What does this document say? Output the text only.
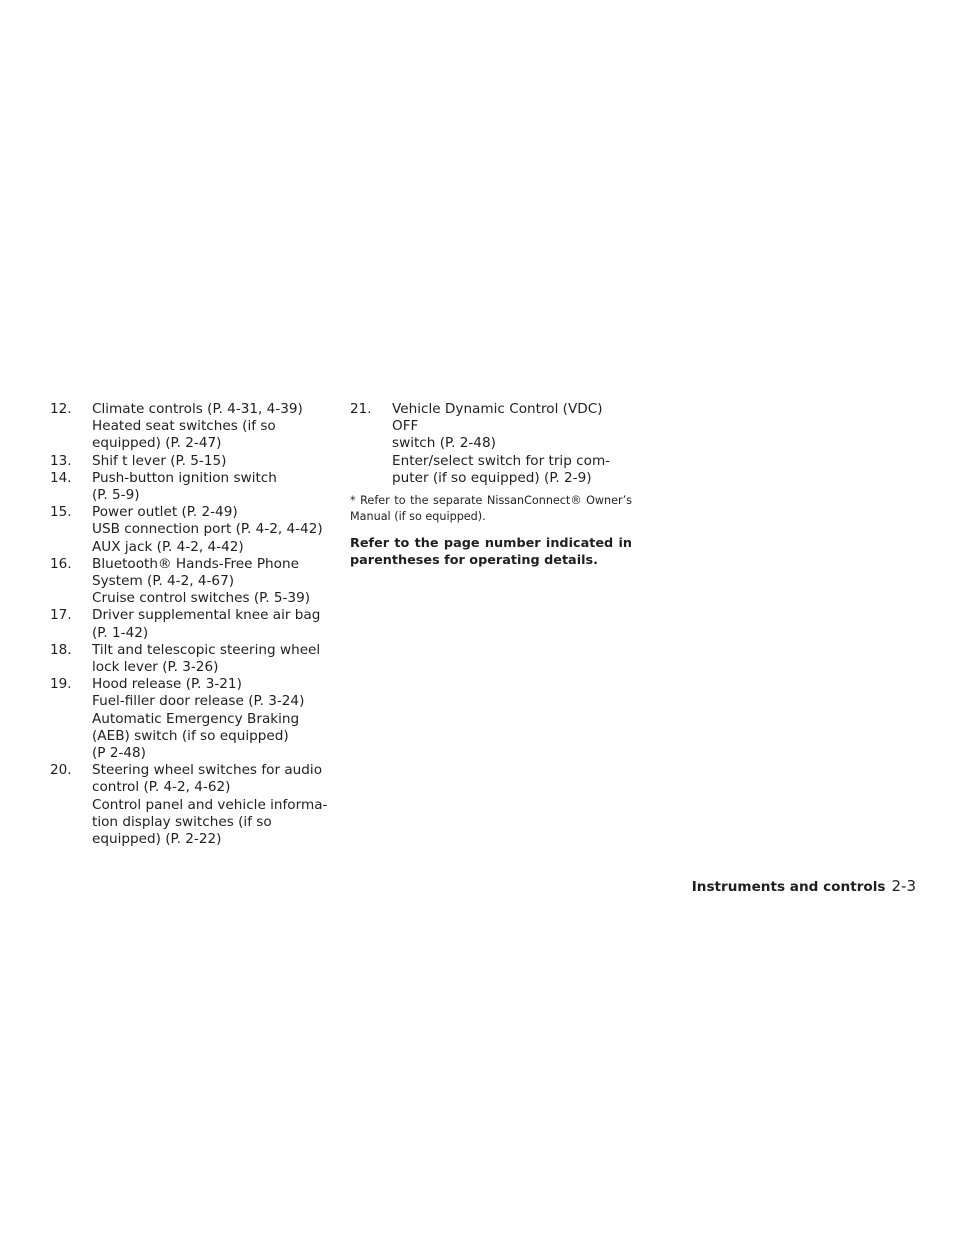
12.	Climate controls (P. 4-31, 4-39)
Heated seat switches (if so
equipped) (P. 2-47)
13.	Shif t lever (P. 5-15)
14.	Push-button ignition switch
(P. 5-9)
15.	Power outlet (P. 2-49)
USB connection port (P. 4-2, 4-42)
AUX jack (P. 4-2, 4-42)
16.	Bluetooth® Hands-Free Phone
System (P. 4-2, 4-67)
Cruise control switches (P. 5-39)
17.	Driver supplemental knee air bag
(P. 1-42)
18.	Tilt and telescopic steering wheel
lock lever (P. 3-26)
19.	Hood release (P. 3-21)
Fuel-filler door release (P. 3-24)
Automatic Emergency Braking
(AEB) switch (if so equipped)
(P 2-48)
20.	Steering wheel switches for audio
control (P. 4-2, 4-62)
Control panel and vehicle informa-
tion display switches (if so
equipped) (P. 2-22)
21.	Vehicle Dynamic Control (VDC) OFF
switch (P. 2-48)
Enter/select switch for trip com-
puter (if so equipped) (P. 2-9)
* Refer to the separate NissanConnect® Owner’s Manual (if so equipped).
Refer to the page number indicated in parentheses for operating details.
Instruments and controls 2-3
